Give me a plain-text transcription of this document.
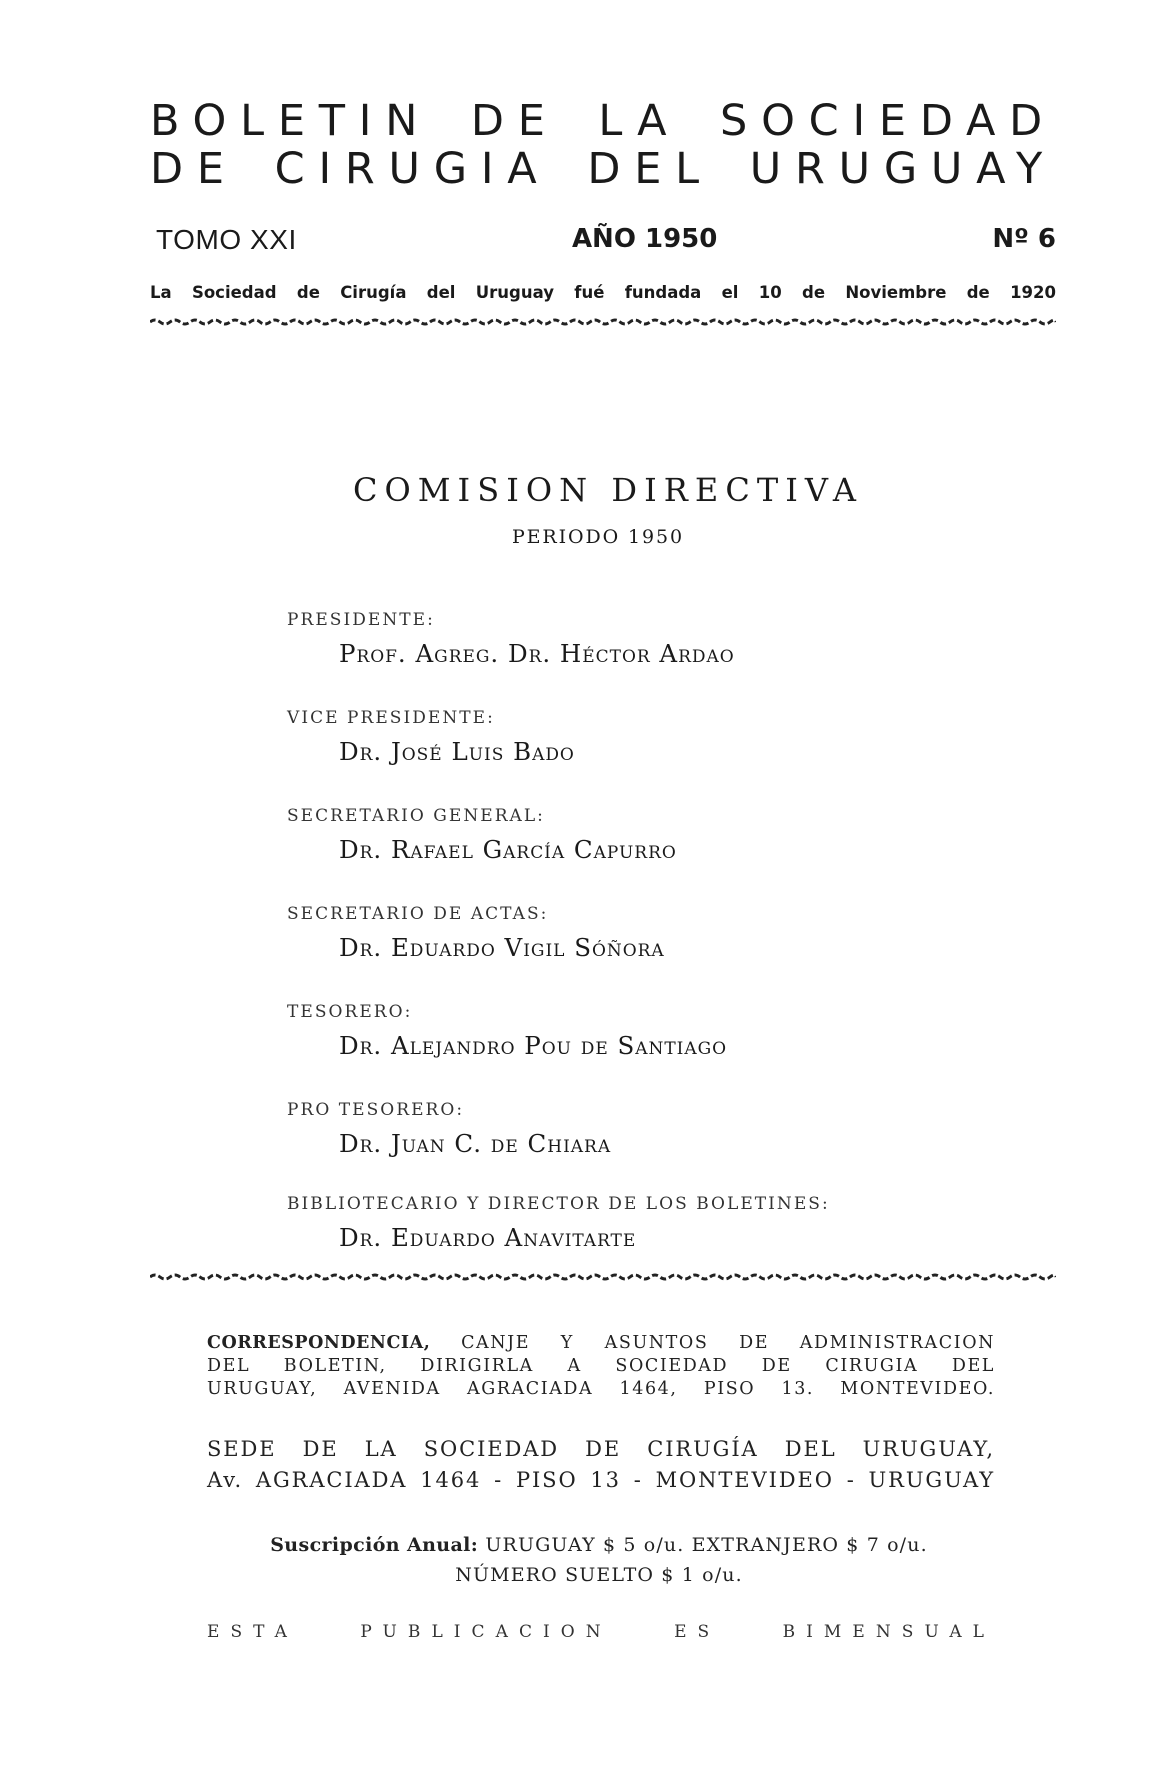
BOLETIN DE LA SOCIEDAD
DE CIRUGIA DEL URUGUAY
TOMO XXI	AÑO 1950	Nº 6
La Sociedad de Cirugía del Uruguay fué fundada el 10 de Noviembre de 1920
COMISION DIRECTIVA
PERIODO 1950
PRESIDENTE:
Prof. Agreg. Dr. Héctor Ardao
VICE PRESIDENTE:
Dr. José Luis Bado
SECRETARIO GENERAL:
Dr. Rafael García Capurro
SECRETARIO DE ACTAS:
Dr. Eduardo Vigil Sóñora
TESORERO:
Dr. Alejandro Pou de Santiago
PRO TESORERO:
Dr. Juan C. de Chiara
BIBLIOTECARIO Y DIRECTOR DE LOS BOLETINES:
Dr. Eduardo Anavitarte
CORRESPONDENCIA, CANJE Y ASUNTOS DE ADMINISTRACION
DEL BOLETIN, DIRIGIRLA A SOCIEDAD DE CIRUGIA DEL
URUGUAY, AVENIDA AGRACIADA 1464, PISO 13. MONTEVIDEO.
SEDE DE LA SOCIEDAD DE CIRUGÍA DEL URUGUAY,
Av. AGRACIADA 1464 - PISO 13 - MONTEVIDEO - URUGUAY
Suscripción Anual: URUGUAY $ 5 o/u. EXTRANJERO $ 7 o/u.
NÚMERO SUELTO $ 1 o/u.
ESTA	PUBLICACION	ES	BIMENSUAL
